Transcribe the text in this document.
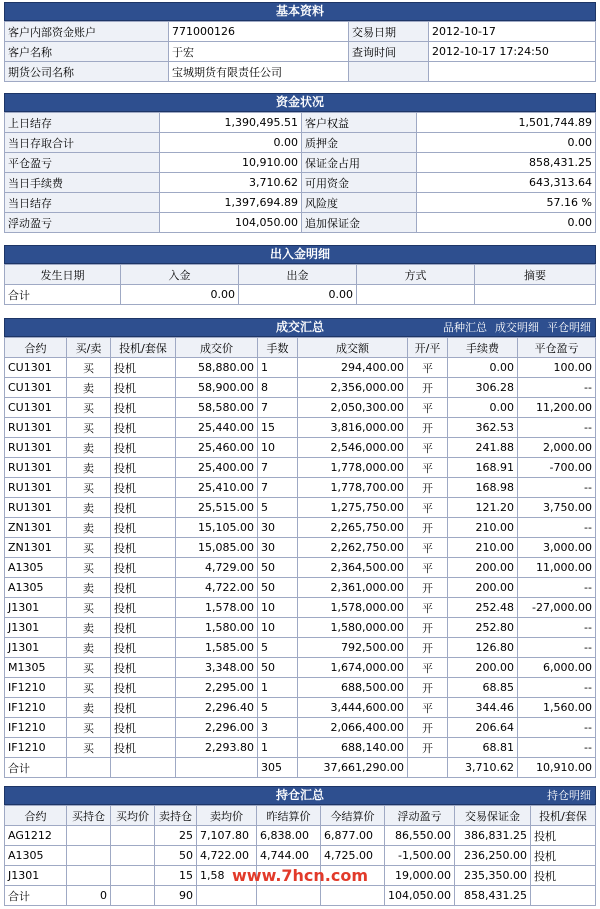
基本资料
客户内部资金账户	771000126	交易日期	2012-10-17
客户名称	于宏	查询时间	2012-10-17 17:24:50
期货公司名称	宝城期货有限责任公司		
资金状况
上日结存	1,390,495.51	客户权益	1,501,744.89
当日存取合计	0.00	质押金	0.00
平仓盈亏	10,910.00	保证金占用	858,431.25
当日手续费	3,710.62	可用资金	643,313.64
当日结存	1,397,694.89	风险度	57.16 %
浮动盈亏	104,050.00	追加保证金	0.00
出入金明细
发生日期	入金	出金	方式	摘要
合计	0.00	0.00		
成交汇总	品种汇总 成交明细 平仓明细
合约	买/卖	投机/套保	成交价	手数	成交额	开/平	手续费	平仓盈亏
CU1301	买	投机	58,880.00	1	294,400.00	平	0.00	100.00
CU1301	卖	投机	58,900.00	8	2,356,000.00	开	306.28	--
CU1301	买	投机	58,580.00	7	2,050,300.00	平	0.00	11,200.00
RU1301	买	投机	25,440.00	15	3,816,000.00	开	362.53	--
RU1301	卖	投机	25,460.00	10	2,546,000.00	平	241.88	2,000.00
RU1301	卖	投机	25,400.00	7	1,778,000.00	平	168.91	-700.00
RU1301	买	投机	25,410.00	7	1,778,700.00	开	168.98	--
RU1301	卖	投机	25,515.00	5	1,275,750.00	平	121.20	3,750.00
ZN1301	卖	投机	15,105.00	30	2,265,750.00	开	210.00	--
ZN1301	买	投机	15,085.00	30	2,262,750.00	平	210.00	3,000.00
A1305	买	投机	4,729.00	50	2,364,500.00	平	200.00	11,000.00
A1305	卖	投机	4,722.00	50	2,361,000.00	开	200.00	--
J1301	买	投机	1,578.00	10	1,578,000.00	平	252.48	-27,000.00
J1301	卖	投机	1,580.00	10	1,580,000.00	开	252.80	--
J1301	卖	投机	1,585.00	5	792,500.00	开	126.80	--
M1305	买	投机	3,348.00	50	1,674,000.00	平	200.00	6,000.00
IF1210	买	投机	2,295.00	1	688,500.00	开	68.85	--
IF1210	卖	投机	2,296.40	5	3,444,600.00	平	344.46	1,560.00
IF1210	买	投机	2,296.00	3	2,066,400.00	开	206.64	--
IF1210	买	投机	2,293.80	1	688,140.00	开	68.81	--
合计				305	37,661,290.00		3,710.62	10,910.00
持仓汇总	持仓明细
合约	买持仓	买均价	卖持仓	卖均价	昨结算价	今结算价	浮动盈亏	交易保证金	投机/套保
AG1212			25	7,107.80	6,838.00	6,877.00	86,550.00	386,831.25	投机
A1305			50	4,722.00	4,744.00	4,725.00	-1,500.00	236,250.00	投机
J1301			15	1,58			19,000.00	235,350.00	投机
合计	0		90				104,050.00	858,431.25	
www.7hcn.com
